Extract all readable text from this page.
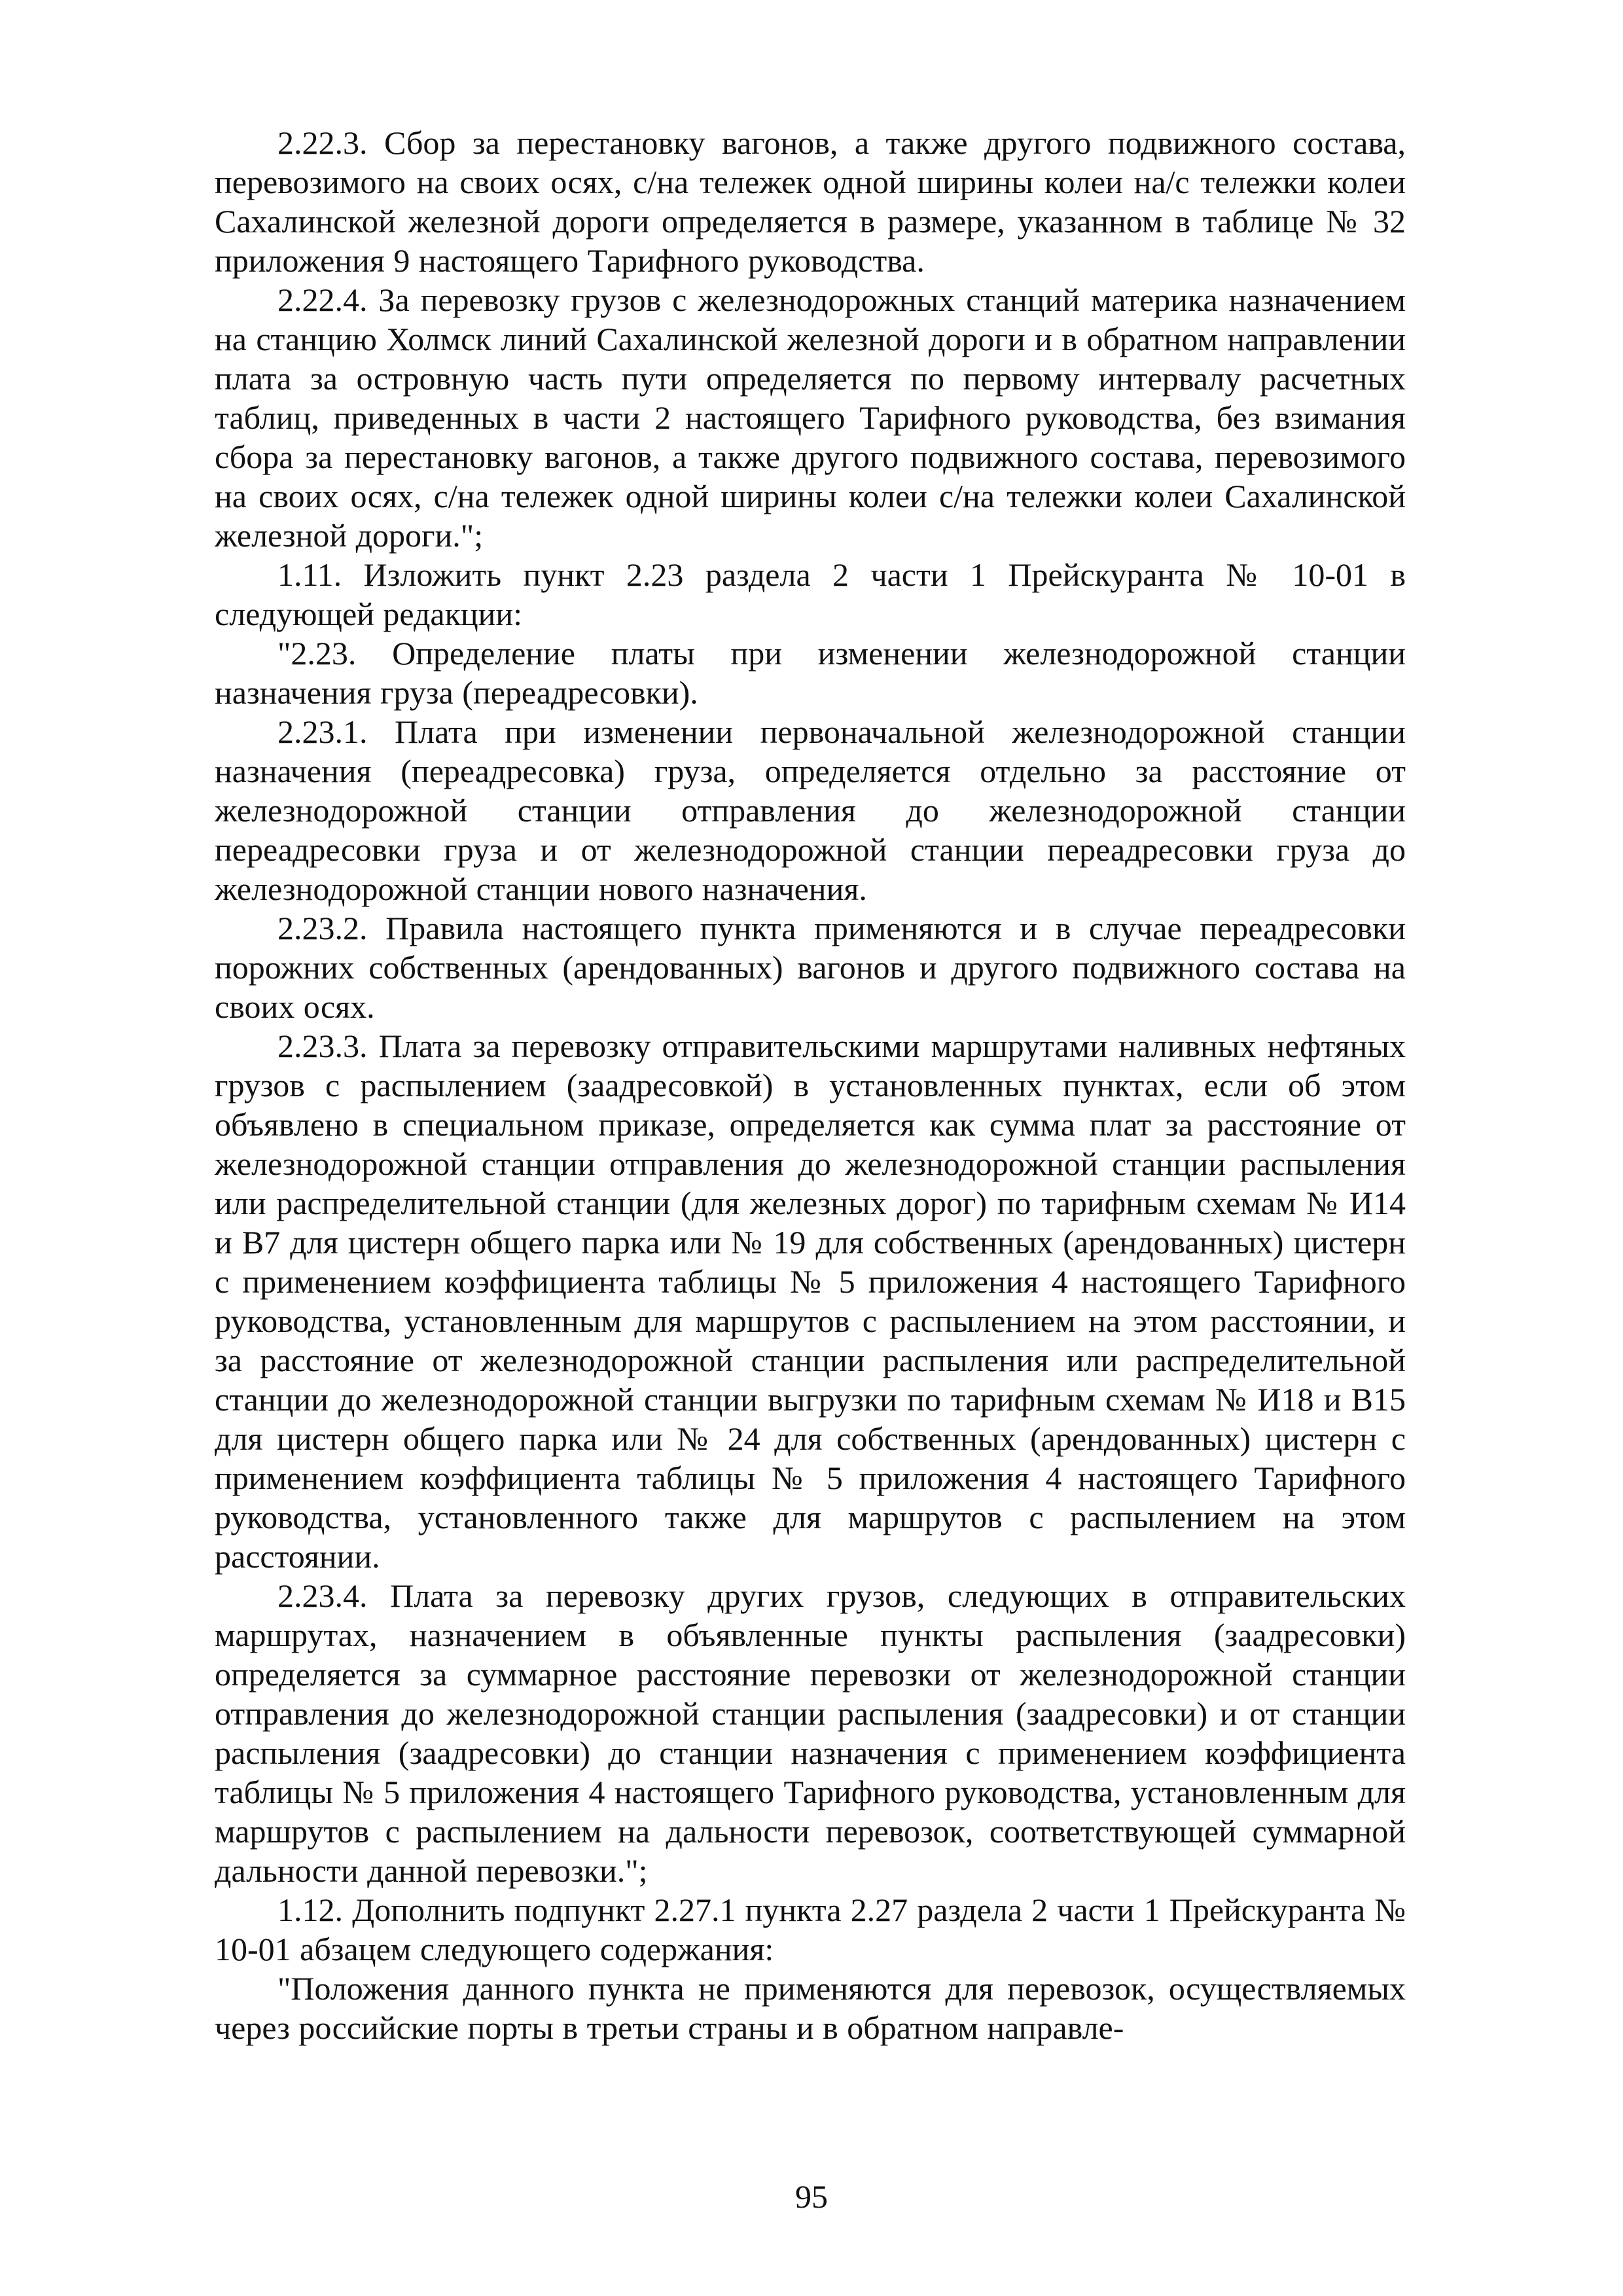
2.22.3. Сбор за перестановку вагонов, а также другого подвижного состава, перевозимого на своих осях, с/на тележек одной ширины колеи на/с тележки колеи Сахалинской железной дороги определяется в размере, указанном в таблице № 32 приложения 9 настоящего Тарифного руководства.

2.22.4. За перевозку грузов с железнодорожных станций материка назначением на станцию Холмск линий Сахалинской железной дороги и в обратном направлении плата за островную часть пути определяется по первому интервалу расчетных таблиц, приведенных в части 2 настоящего Тарифного руководства, без взимания сбора за перестановку вагонов, а также другого подвижного состава, перевозимого на своих осях, с/на тележек одной ширины колеи с/на тележки колеи Сахалинской железной дороги.";

1.11. Изложить пункт 2.23 раздела 2 части 1 Прейскуранта № 10-01 в следующей редакции:

"2.23. Определение платы при изменении железнодорожной станции назначения груза (переадресовки).

2.23.1. Плата при изменении первоначальной железнодорожной станции назначения (переадресовка) груза, определяется отдельно за расстояние от железнодорожной станции отправления до железнодорожной станции переадресовки груза и от железнодорожной станции переадресовки груза до железнодорожной станции нового назначения.

2.23.2. Правила настоящего пункта применяются и в случае переадресовки порожних собственных (арендованных) вагонов и другого подвижного состава на своих осях.

2.23.3. Плата за перевозку отправительскими маршрутами наливных нефтяных грузов с распылением (заадресовкой) в установленных пунктах, если об этом объявлено в специальном приказе, определяется как сумма плат за расстояние от железнодорожной станции отправления до железнодорожной станции распыления или распределительной станции (для железных дорог) по тарифным схемам № И14 и В7 для цистерн общего парка или № 19 для собственных (арендованных) цистерн с применением коэффициента таблицы № 5 приложения 4 настоящего Тарифного руководства, установленным для маршрутов с распылением на этом расстоянии, и за расстояние от железнодорожной станции распыления или распределительной станции до железнодорожной станции выгрузки по тарифным схемам № И18 и В15 для цистерн общего парка или № 24 для собственных (арендованных) цистерн с применением коэффициента таблицы № 5 приложения 4 настоящего Тарифного руководства, установленного также для маршрутов с распылением на этом расстоянии.

2.23.4. Плата за перевозку других грузов, следующих в отправительских маршрутах, назначением в объявленные пункты распыления (заадресовки) определяется за суммарное расстояние перевозки от железнодорожной станции отправления до железнодорожной станции распыления (заадресовки) и от станции распыления (заадресовки) до станции назначения с применением коэффициента таблицы № 5 приложения 4 настоящего Тарифного руководства, установленным для маршрутов с распылением на дальности перевозок, соответствующей суммарной дальности данной перевозки.";

1.12. Дополнить подпункт 2.27.1 пункта 2.27 раздела 2 части 1 Прейскуранта № 10-01 абзацем следующего содержания:

"Положения данного пункта не применяются для перевозок, осуществляемых через российские порты в третьи страны и в обратном направле-

95
